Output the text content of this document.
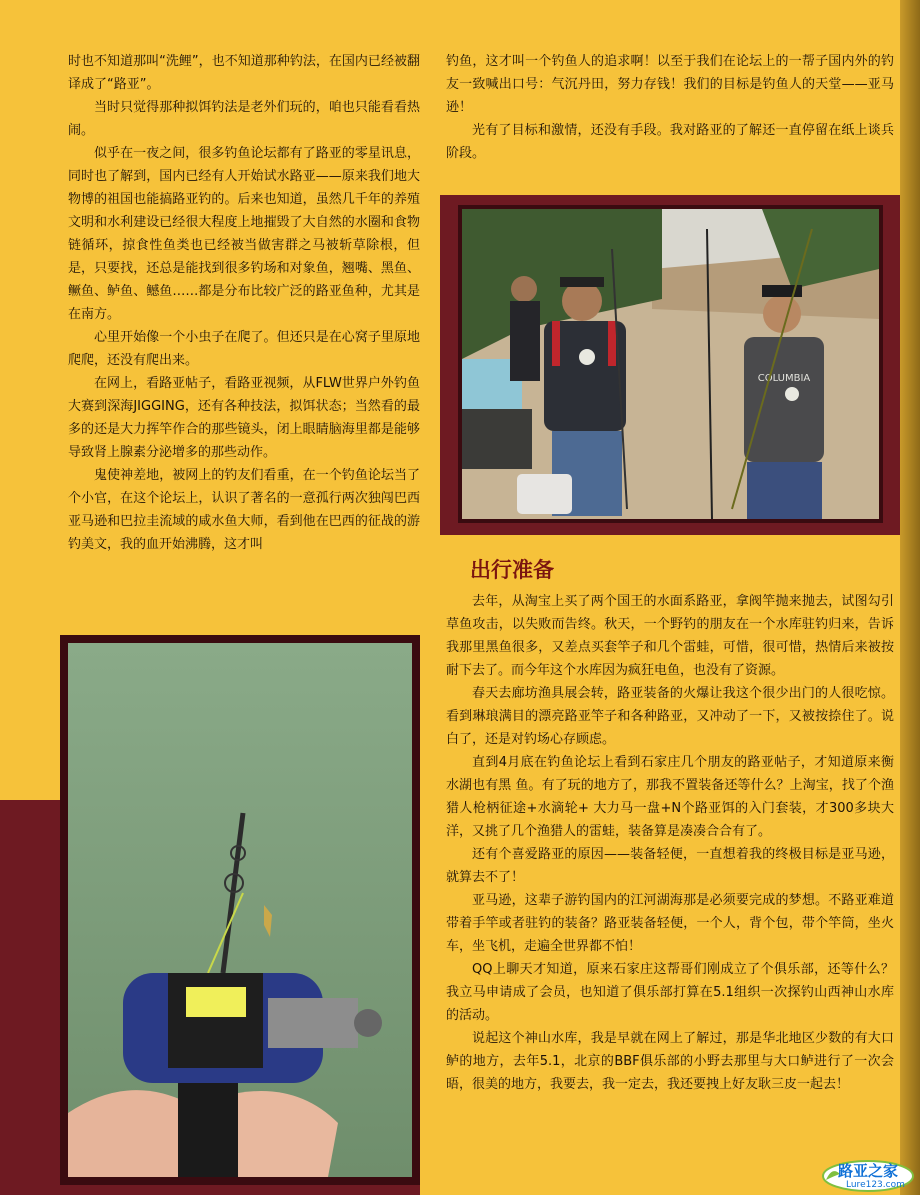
时也不知道那叫“洗鲤”，也不知道那种钓法，在国内已经被翻译成了“路亚”。

当时只觉得那种拟饵钓法是老外们玩的，咱也只能看看热闹。

似乎在一夜之间，很多钓鱼论坛都有了路亚的零星讯息，同时也了解到，国内已经有人开始试水路亚——原来我们地大物博的祖国也能搞路亚钓的。后来也知道，虽然几千年的养殖文明和水利建设已经很大程度上地摧毁了大自然的水圈和食物链循环，掠食性鱼类也已经被当做害群之马被斩草除根，但是，只要找，还总是能找到很多钓场和对象鱼，翘嘴、黑鱼、鳜鱼、鲈鱼、鳡鱼……都是分布比较广泛的路亚鱼种，尤其是在南方。

心里开始像一个小虫子在爬了。但还只是在心窝子里原地爬爬，还没有爬出来。

在网上，看路亚帖子，看路亚视频，从FLW世界户外钓鱼大赛到深海JIGGING，还有各种技法，拟饵状态；当然看的最多的还是大力挥竿作合的那些镜头，闭上眼睛脑海里都是能够导致肾上腺素分泌增多的那些动作。

鬼使神差地，被网上的钓友们看重，在一个钓鱼论坛当了个小官，在这个论坛上，认识了著名的一意孤行两次独闯巴西亚马逊和巴拉圭流域的咸水鱼大师，看到他在巴西的征战的游钓美文，我的血开始沸腾，这才叫

钓鱼，这才叫一个钓鱼人的追求啊！以至于我们在论坛上的一帮子国内外的钓友一致喊出口号：气沉丹田，努力存钱！我们的目标是钓鱼人的天堂——亚马逊！

光有了目标和激情，还没有手段。我对路亚的了解还一直停留在纸上谈兵阶段。

COLUMBIA
出行准备

去年，从淘宝上买了两个国王的水面系路亚，拿阀竿抛来抛去，试图勾引草鱼攻击，以失败而告终。秋天，一个野钓的朋友在一个水库驻钓归来，告诉我那里黑鱼很多，又差点买套竿子和几个雷蛙，可惜，很可惜，热情后来被按耐下去了。而今年这个水库因为疯狂电鱼，也没有了资源。

春天去廊坊渔具展会转，路亚装备的火爆让我这个很少出门的人很吃惊。看到琳琅满目的漂亮路亚竿子和各种路亚，又冲动了一下，又被按捺住了。说白了，还是对钓场心存顾虑。

直到4月底在钓鱼论坛上看到石家庄几个朋友的路亚帖子，才知道原来衡水湖也有黑 鱼。有了玩的地方了，那我不置装备还等什么？上淘宝，找了个渔猎人枪柄征途+水滴轮+ 大力马一盘+N个路亚饵的入门套装，才300多块大洋，又挑了几个渔猎人的雷蛙，装备算是凑凑合合有了。

还有个喜爱路亚的原因——装备轻便，一直想着我的终极目标是亚马逊，就算去不了！

亚马逊，这辈子游钓国内的江河湖海那是必须要完成的梦想。不路亚难道带着手竿或者驻钓的装备？路亚装备轻便，一个人，背个包，带个竿筒，坐火车，坐飞机，走遍全世界都不怕！

QQ上聊天才知道，原来石家庄这帮哥们刚成立了个俱乐部，还等什么？我立马申请成了会员，也知道了俱乐部打算在5.1组织一次探钓山西神山水库的活动。

说起这个神山水库，我是早就在网上了解过，那是华北地区少数的有大口鲈的地方，去年5.1，北京的BBF俱乐部的小野去那里与大口鲈进行了一次会晤，很美的地方，我要去，我一定去，我还要拽上好友耿三皮一起去！

路亚之家
Lure123.com
